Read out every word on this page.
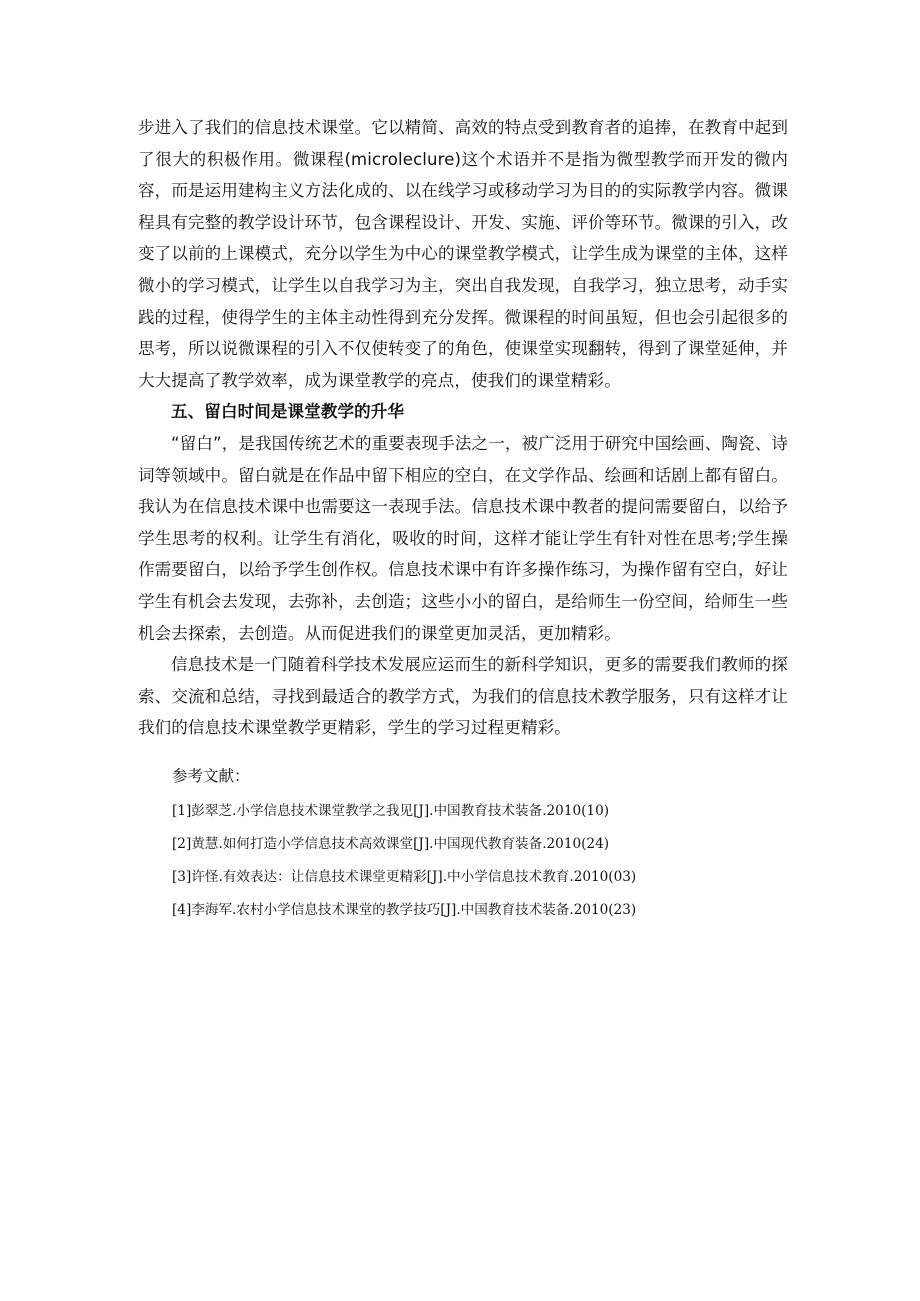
步进入了我们的信息技术课堂。它以精简、高效的特点受到教育者的追捧，在教育中起到了很大的积极作用。微课程(microleclure)这个术语并不是指为微型教学而开发的微内容，而是运用建构主义方法化成的、以在线学习或移动学习为目的的实际教学内容。微课程具有完整的教学设计环节，包含课程设计、开发、实施、评价等环节。微课的引入，改变了以前的上课模式，充分以学生为中心的课堂教学模式，让学生成为课堂的主体，这样微小的学习模式，让学生以自我学习为主，突出自我发现，自我学习，独立思考，动手实践的过程，使得学生的主体主动性得到充分发挥。微课程的时间虽短，但也会引起很多的思考，所以说微课程的引入不仅使转变了的角色，使课堂实现翻转，得到了课堂延伸，并大大提高了教学效率，成为课堂教学的亮点，使我们的课堂精彩。

五、留白时间是课堂教学的升华

“留白”，是我国传统艺术的重要表现手法之一，被广泛用于研究中国绘画、陶瓷、诗词等领域中。留白就是在作品中留下相应的空白，在文学作品、绘画和话剧上都有留白。我认为在信息技术课中也需要这一表现手法。信息技术课中教者的提问需要留白，以给予学生思考的权利。让学生有消化，吸收的时间，这样才能让学生有针对性在思考;学生操作需要留白，以给予学生创作权。信息技术课中有许多操作练习，为操作留有空白，好让学生有机会去发现，去弥补，去创造；这些小小的留白，是给师生一份空间，给师生一些机会去探索，去创造。从而促进我们的课堂更加灵活，更加精彩。

信息技术是一门随着科学技术发展应运而生的新科学知识，更多的需要我们教师的探索、交流和总结，寻找到最适合的教学方式，为我们的信息技术教学服务，只有这样才让我们的信息技术课堂教学更精彩，学生的学习过程更精彩。

参考文献：
[1]彭翠芝.小学信息技术课堂教学之我见[J].中国教育技术装备.2010(10)
[2]黄慧.如何打造小学信息技术高效课堂[J].中国现代教育装备.2010(24)
[3]许怪.有效表达：让信息技术课堂更精彩[J].中小学信息技术教育.2010(03)
[4]李海军.农村小学信息技术课堂的教学技巧[J].中国教育技术装备.2010(23)
